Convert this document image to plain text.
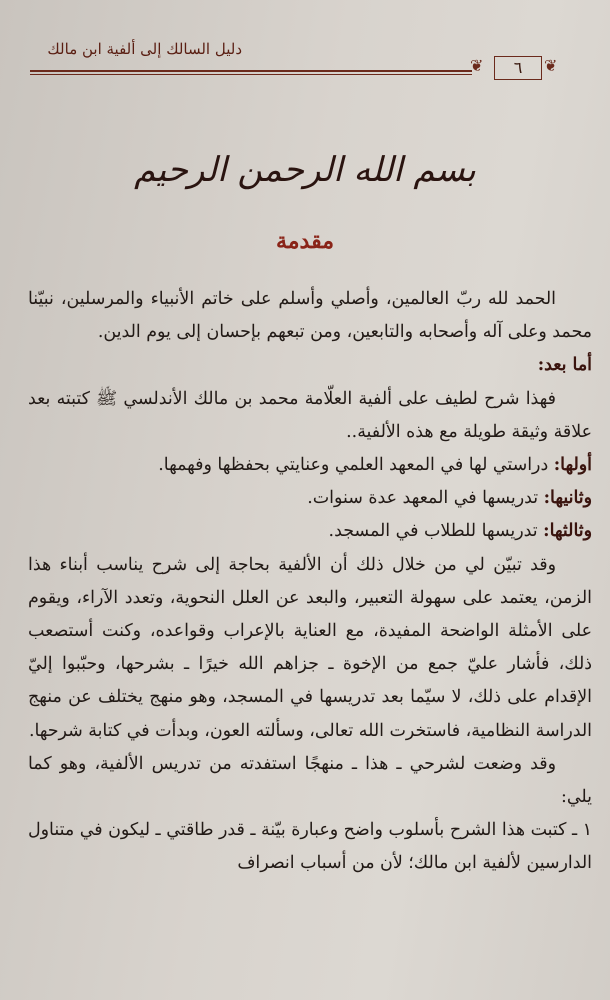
دليل السالك إلى ألفية ابن مالك
❦	٦	❦
بسم الله الرحمن الرحيم
مقدمة

الحمد لله ربّ العالمين، وأصلي وأسلم على خاتم الأنبياء والمرسلين، نبيّنا محمد وعلى آله وأصحابه والتابعين، ومن تبعهم بإحسان إلى يوم الدين.

أما بعد:

فهذا شرح لطيف على ألفية العلّامة محمد بن مالك الأندلسي ﷺ كتبته بعد علاقة وثيقة طويلة مع هذه الألفية..

أولها: دراستي لها في المعهد العلمي وعنايتي بحفظها وفهمها.

وثانيها: تدريسها في المعهد عدة سنوات.

وثالثها: تدريسها للطلاب في المسجد.

وقد تبيّن لي من خلال ذلك أن الألفية بحاجة إلى شرح يناسب أبناء هذا الزمن، يعتمد على سهولة التعبير، والبعد عن العلل النحوية، وتعدد الآراء، ويقوم على الأمثلة الواضحة المفيدة، مع العناية بالإعراب وقواعده، وكنت أستصعب ذلك، فأشار عليّ جمع من الإخوة ـ جزاهم الله خيرًا ـ بشرحها، وحبّبوا إليّ الإقدام على ذلك، لا سيّما بعد تدريسها في المسجد، وهو منهج يختلف عن منهج الدراسة النظامية، فاستخرت الله تعالى، وسألته العون، وبدأت في كتابة شرحها.

وقد وضعت لشرحي ـ هذا ـ منهجًا استفدته من تدريس الألفية، وهو كما يلي:

١ ـ كتبت هذا الشرح بأسلوب واضح وعبارة بيّنة ـ قدر طاقتي ـ ليكون في متناول الدارسين لألفية ابن مالك؛ لأن من أسباب انصراف
